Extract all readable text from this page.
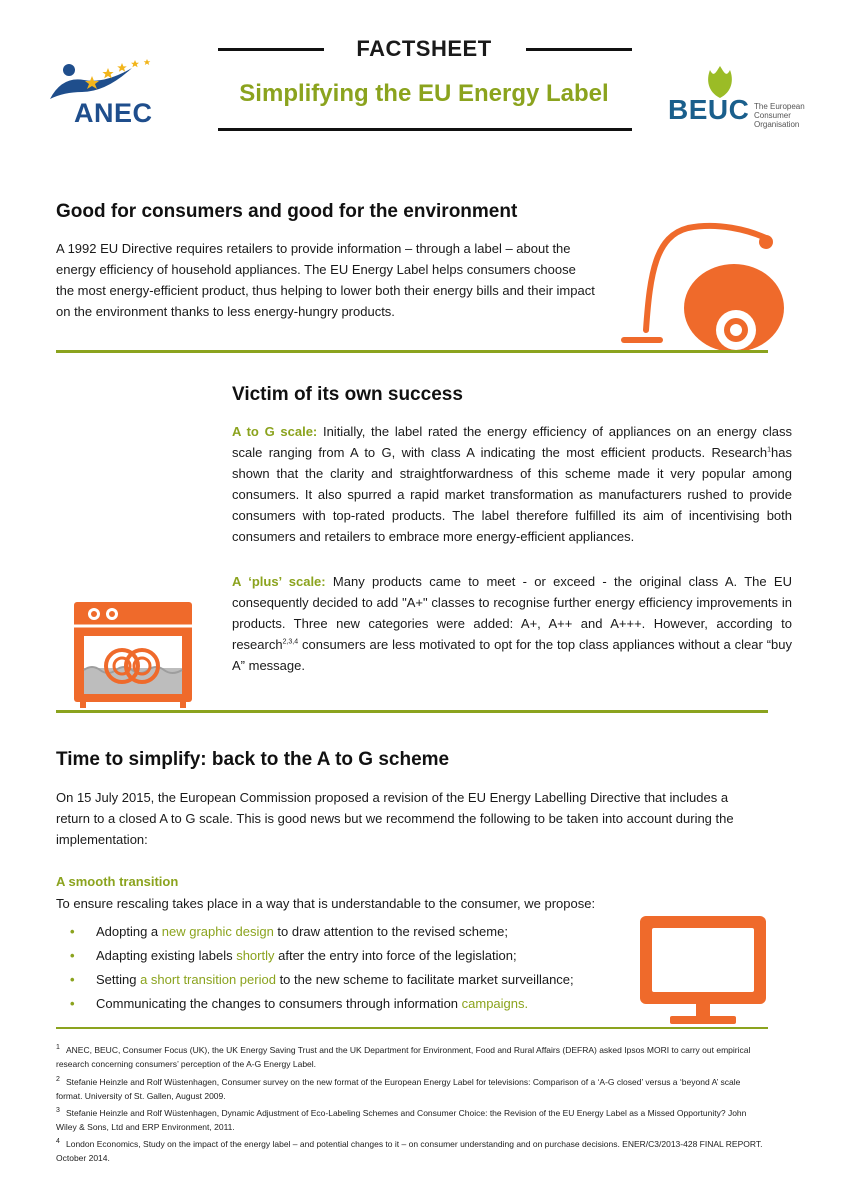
FACTSHEET
Simplifying the EU Energy Label
ANEC	BEUC The European
Consumer
Organisation
Good for consumers and good for the environment

A 1992 EU Directive requires retailers to provide information – through a label – about the energy efficiency of household appliances. The EU Energy Label helps consumers choose the most energy-efficient product, thus helping to lower both their energy bills and their impact on the environment thanks to less energy-hungry products.

Victim of its own success

A to G scale: Initially, the label rated the energy efficiency of appliances on an energy class scale ranging from A to G, with class A indicating the most efficient products. Research$^1$has shown that the clarity and straightforwardness of this scheme made it very popular among consumers. It also spurred a rapid market transformation as manufacturers rushed to provide consumers with top-rated products. The label therefore fulfilled its aim of incentivising both consumers and retailers to embrace more energy-efficient appliances.

A ‘plus’ scale: Many products came to meet - or exceed - the original class A. The EU consequently decided to add "A+" classes to recognise further energy efficiency improvements in products. Three new categories were added: A+, A++ and A+++. However, according to research$^{2,3,4}$ consumers are less motivated to opt for the top class appliances without a clear “buy A” message.

Time to simplify: back to the A to G scheme

On 15 July 2015, the European Commission proposed a revision of the EU Energy Labelling Directive that includes a return to a closed A to G scale. This is good news but we recommend the following to be taken into account during the implementation:

A smooth transition

To ensure rescaling takes place in a way that is understandable to the consumer, we propose:

• Adopting a new graphic design to draw attention to the revised scheme;
• Adapting existing labels shortly after the entry into force of the legislation;
• Setting a short transition period to the new scheme to facilitate market surveillance;
• Communicating the changes to consumers through information campaigns.
$^1$ ANEC, BEUC, Consumer Focus (UK), the UK Energy Saving Trust and the UK Department for Environment, Food and Rural Affairs (DEFRA) asked Ipsos MORI to carry out empirical research concerning consumers’ perception of the A-G Energy Label.
$^2$ Stefanie Heinzle and Rolf Wüstenhagen, Consumer survey on the new format of the European Energy Label for televisions: Comparison of a ‘A-G closed’ versus a ‘beyond A’ scale format. University of St. Gallen, August 2009.
$^3$ Stefanie Heinzle and Rolf Wüstenhagen, Dynamic Adjustment of Eco-Labeling Schemes and Consumer Choice: the Revision of the EU Energy Label as a Missed Opportunity? John Wiley & Sons, Ltd and ERP Environment, 2011.
$^4$ London Economics, Study on the impact of the energy label – and potential changes to it – on consumer understanding and on purchase decisions. ENER/C3/2013-428 FINAL REPORT. October 2014.
